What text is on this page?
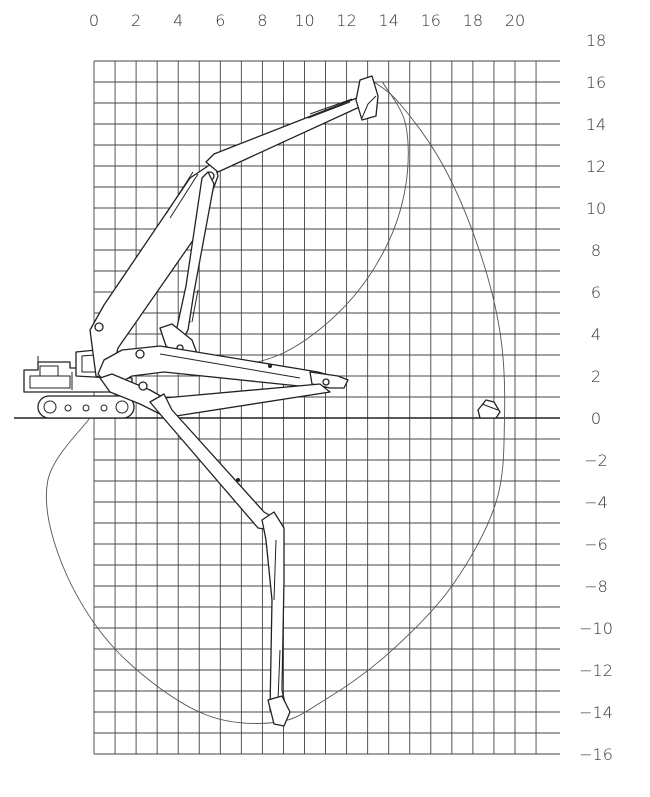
0 2 4 6 8 10 12 14 16 18 20
18
16
14
12
10
8
6
4
2
0
−2
−4
−6
−8
−10
−12
−14
−16
